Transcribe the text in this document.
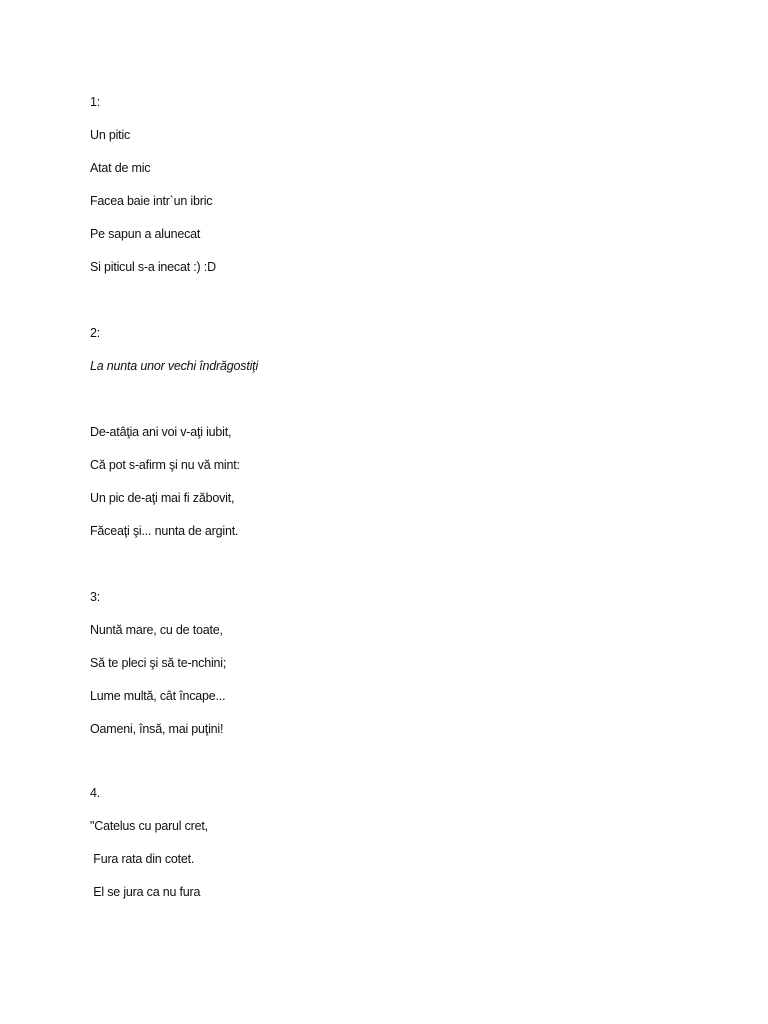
1:
Un pitic
Atat de mic
Facea baie intr`un ibric
Pe sapun a alunecat
Si piticul s-a inecat :) :D
2:
La nunta unor vechi îndrăgostiţi
De-atâţia ani voi v-aţi iubit,
Că pot s-afirm şi nu vă mint:
Un pic de-aţi mai fi zăbovit,
Făceaţi şi... nunta de argint.
3:
Nuntă mare, cu de toate,
Să te pleci şi să te-nchini;
Lume multă, cât încape...
Oameni, însă, mai puţini!
4.
"Catelus cu parul cret,
Fura rata din cotet.
El se jura ca nu fura
